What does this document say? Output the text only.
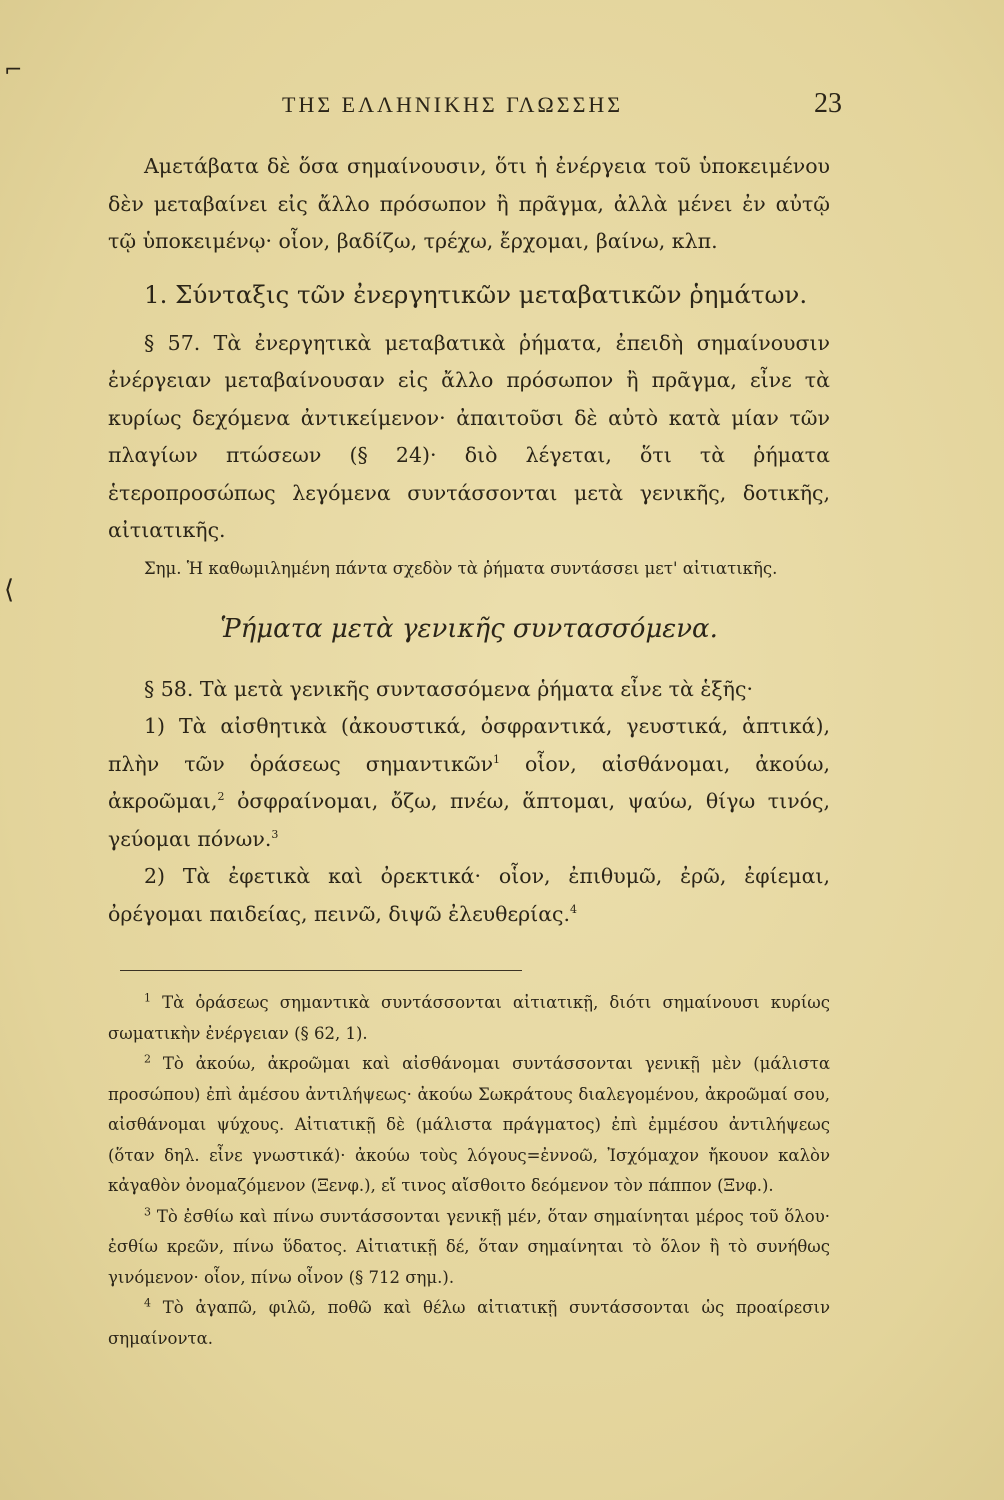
ΤΗΣ ΕΛΛΗΝΙΚΗΣ ΓΛΩΣΣΗΣ	23

Αμετάβατα δὲ ὅσα σημαίνουσιν, ὅτι ἡ ἐνέργεια τοῦ ὑποκειμένου δὲν μεταβαίνει εἰς ἄλλο πρόσωπον ἢ πρᾶγμα, ἀλλὰ μένει ἐν αὐτῷ τῷ ὑποκειμένῳ· οἷον, βαδίζω, τρέχω, ἔρχομαι, βαίνω, κλπ.

1. Σύνταξις τῶν ἐνεργητικῶν μεταβατικῶν ῥημάτων.

§ 57. Τὰ ἐνεργητικὰ μεταβατικὰ ῥήματα, ἐπειδὴ σημαίνουσιν ἐνέργειαν μεταβαίνουσαν εἰς ἄλλο πρόσωπον ἢ πρᾶγμα, εἶνε τὰ κυρίως δεχόμενα ἀντικείμενον· ἀπαιτοῦσι δὲ αὐτὸ κατὰ μίαν τῶν πλαγίων πτώσεων (§ 24)· διὸ λέγεται, ὅτι τὰ ῥήματα ἑτεροπροσώπως λεγόμενα συντάσσονται μετὰ γενικῆς, δοτικῆς, αἰτιατικῆς.

Σημ. Ἡ καθωμιλημένη πάντα σχεδὸν τὰ ῥήματα συντάσσει μετ' αἰτιατικῆς.

Ῥήματα μετὰ γενικῆς συντασσόμενα.

§ 58. Τὰ μετὰ γενικῆς συντασσόμενα ῥήματα εἶνε τὰ ἑξῆς·

1) Τὰ αἰσθητικὰ (ἀκουστικά, ὀσφραντικά, γευστικά, ἁπτικά), πλὴν τῶν ὁράσεως σημαντικῶν$^1$ οἷον, αἰσθάνομαι, ἀκούω, ἀκροῶμαι,$^2$ ὀσφραίνομαι, ὄζω, πνέω, ἅπτομαι, ψαύω, θίγω τινός, γεύομαι πόνων.$^3$

2) Τὰ ἐφετικὰ καὶ ὀρεκτικά· οἷον, ἐπιθυμῶ, ἐρῶ, ἐφίεμαι, ὀρέγομαι παιδείας, πεινῶ, διψῶ ἐλευθερίας.$^4$

$^1$ Τὰ ὁράσεως σημαντικὰ συντάσσονται αἰτιατικῇ, διότι σημαίνουσι κυρίως σωματικὴν ἐνέργειαν (§ 62, 1).

$^2$ Τὸ ἀκούω, ἀκροῶμαι καὶ αἰσθάνομαι συντάσσονται γενικῇ μὲν (μάλιστα προσώπου) ἐπὶ ἀμέσου ἀντιλήψεως· ἀκούω Σωκράτους διαλεγομένου, ἀκροῶμαί σου, αἰσθάνομαι ψύχους. Αἰτιατικῇ δὲ (μάλιστα πράγματος) ἐπὶ ἐμμέσου ἀντιλήψεως (ὅταν δηλ. εἶνε γνωστικά)· ἀκούω τοὺς λόγους=ἐννοῶ, Ἰσχόμαχον ἤκουον καλὸν κἀγαθὸν ὀνομαζόμενον (Ξενφ.), εἴ τινος αἴσθοιτο δεόμενον τὸν πάππον (Ξνφ.).

$^3$ Τὸ ἐσθίω καὶ πίνω συντάσσονται γενικῇ μέν, ὅταν σημαίνηται μέρος τοῦ ὅλου· ἐσθίω κρεῶν, πίνω ὕδατος. Αἰτιατικῇ δέ, ὅταν σημαίνηται τὸ ὅλον ἢ τὸ συνήθως γινόμενον· οἷον, πίνω οἶνον (§ 712 σημ.).

$^4$ Τὸ ἀγαπῶ, φιλῶ, ποθῶ καὶ θέλω αἰτιατικῇ συντάσσονται ὡς προαίρεσιν σημαίνοντα.

⌐
⟨
